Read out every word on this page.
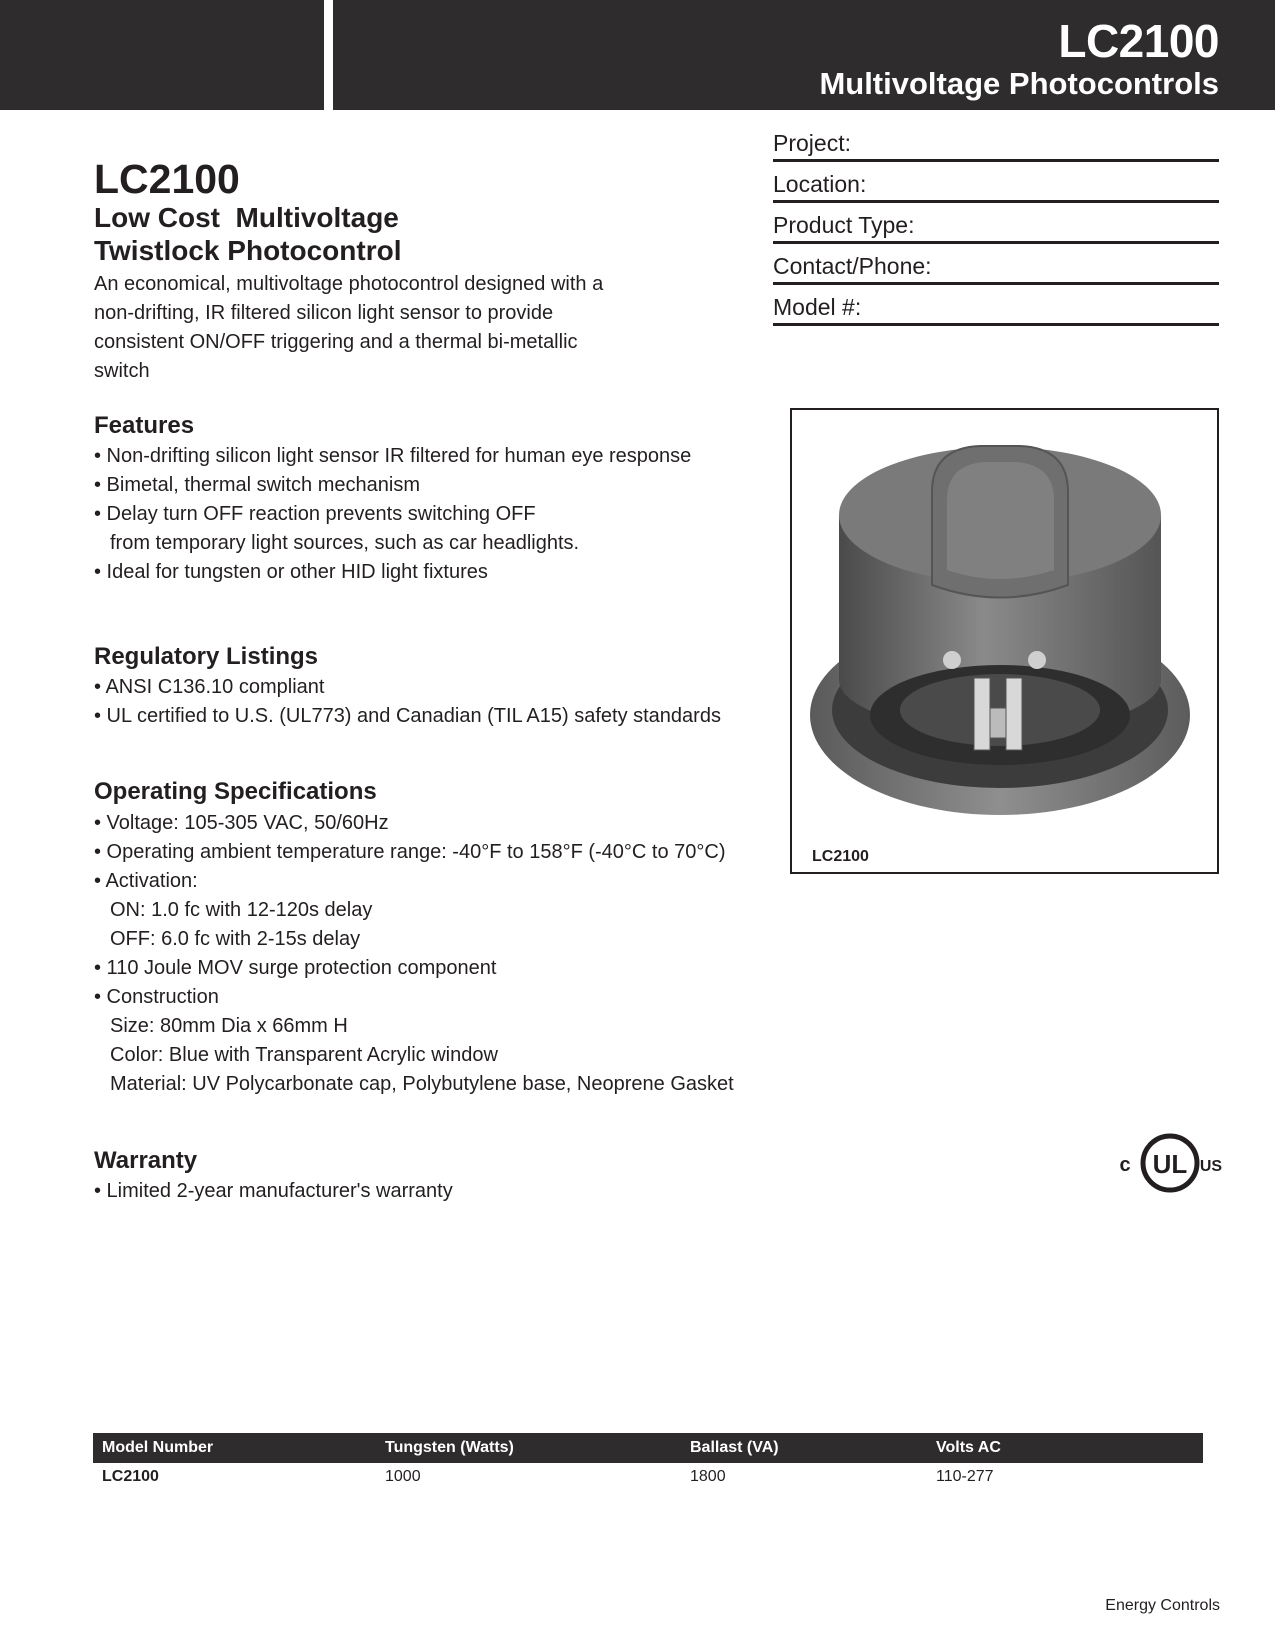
LC2100
Multivoltage Photocontrols
Project:
Location:
Product Type:
Contact/Phone:
Model #:
LC2100
Low Cost  Multivoltage
Twistlock Photocontrol
An economical, multivoltage photocontrol designed with a non-drifting, IR filtered silicon light sensor to provide consistent ON/OFF triggering and a thermal bi-metallic switch
Features
• Non-drifting silicon light sensor IR filtered for human eye response
• Bimetal, thermal switch mechanism
• Delay turn OFF reaction prevents switching OFF
from temporary light sources, such as car headlights.
• Ideal for tungsten or other HID light fixtures
Regulatory Listings
• ANSI C136.10 compliant
• UL certified to U.S. (UL773) and Canadian (TIL A15) safety standards
Operating Specifications
• Voltage: 105-305 VAC, 50/60Hz
• Operating ambient temperature range: -40°F to 158°F (-40°C to 70°C)
• Activation:
ON: 1.0 fc with 12-120s delay
OFF: 6.0 fc with 2-15s delay
• 110 Joule MOV surge protection component
• Construction
Size: 80mm Dia x 66mm H
Color: Blue with Transparent Acrylic window
Material: UV Polycarbonate cap, Polybutylene base, Neoprene Gasket
Warranty
• Limited 2-year manufacturer's warranty
LC2100
UL
c	US
Model Number	Tungsten (Watts)	Ballast (VA)	Volts AC
LC2100	1000	1800	110-277
Energy Controls
